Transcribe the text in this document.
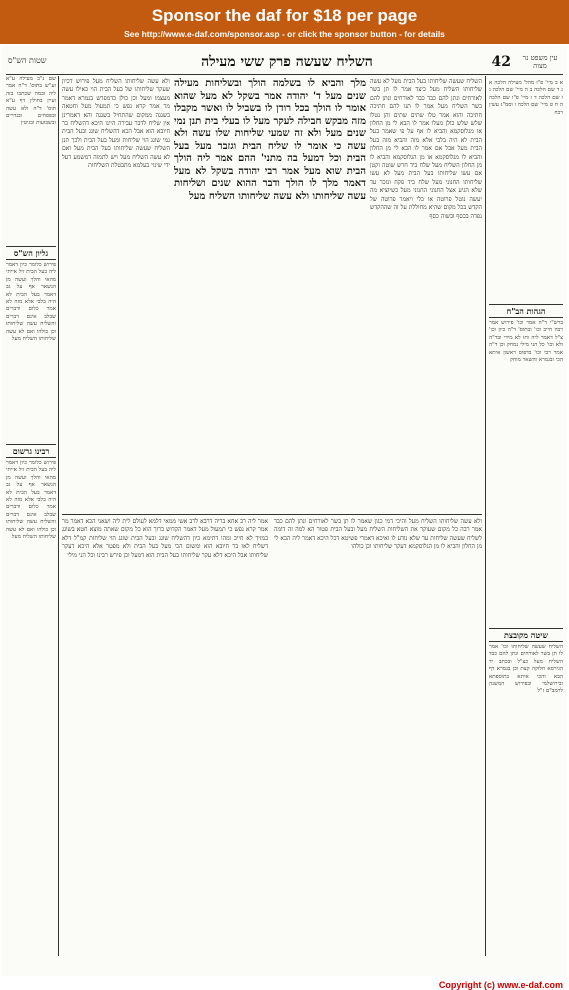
Sponsor the daf for $18 per page
See http://www.e-daf.com/sponsor.asp - or click the sponsor button - for details
שטות הש"ס	השליח שעשה פרק ששי מעילה	42	עין משפט נר מצוה
גליון הש"ס
שם נ"ב מעילה ע"א וע"ש בתוס' ד"ה אמר ליה ובמה שכתבו בזה ועיין בחולין דף ע"א תוס' ד"ה ולא עשה ובפסחים ובנדרים ובשבועות ובגיטין
פירוש כלומר כיון דאמר ליה בעל הבית זיל אייתי מהאי והלך ועשה מן הנשאר אף על גב דאמר בעל הבית לא היה בלבי אלא מזה לא אמר כלום ודברים שבלב אינם דברים והשליח עשה שליחותו וכן כולהו ואם לא עשה שליחותו השליח מעל
רבינו גרשום
פירוש כלומר כיון דאמר ליה בעל הבית זיל אייתי מהאי והלך ועשה מן הנשאר אף על גב דאמר בעל הבית לא היה בלבי אלא מזה לא אמר כלום ודברים שבלב אינם דברים והשליח עשה שליחותו וכן כולהו ואם לא עשה שליחותו השליח מעל
ולא עשה שליחותו השליח מעל פירוש דכיון שעקר שליחותו של בעל הבית הוי כאילו עשה מעצמו ומעל וכן כולן כדמפרש בגמרא דאמר מר אמר קרא נפש כי תמעול מעל וחטאה בשגגה ממקום שהתחיל בשגגה והא דאמרינן אין שליח לדבר עבירה היינו היכא דהשליח בר חיובא הוא אבל הכא דהשליח שוגג ובעל הבית נמי שוגג הוי שליחות ומעל בעל הבית ולכך תנן השליח שעשה שליחותו בעל הבית מעל ואם לא עשה השליח מעל ויש לתמוה דמשמע דעל ידי שינוי בעלמא מתבטלת השליחות
מלך והביא לו בשלמה הולך ובשליחות מעילה שנים מעל ד' יהודה אמר בשקל לא מעל שהוא אומר לו הולך בכל רודן לו בשביל לו ואשר מקבלו מזה מבקש חבילה לעקר מעל לו בעלי בית תנן נמי שנים מעל ולא זה שמעי שליחות שלו עשה ולא עשה כי אומר לו שליח הבית וגזבר מעל בעל הבית וכל דמעל בה מתני' ההם אמר ליה הולך הבית שוא מעל אמר רבי יהודה בשקל לא מעל דאמר מלך לו הולך ודבר ההוא שנים ושליחות עשה שליחותו ולא עשה שליחותו השליח מעל
השליח שעשה שליחותו בעל הבית מעל לא עשה שליחותו השליח מעל כיצד אמר לו תן בשר לאורחים ונתן להם כבד כבד לאורחים ונתן להם בשר השליח מעל אמר לו תנו להם חתיכה חתיכה והוא אמר טלו שתים שתים והן נטלו שלש שלש כולן מעלו אמר לו הבא לי מן החלון או מגלוסקמא והביא לו אף על פי שאמר בעל הבית לא היה בלבי אלא מזה והביא מזה בעל הבית מעל אבל אם אמר לו הבא לי מן החלון והביא לו מגלוסקמא או מן הגלוסקמא והביא לו מן החלון השליח מעל שלח ביד חרש שוטה וקטן אם עשו שליחותו בעל הבית מעל לא עשו שליחותו החנוני מעל שלח ביד פקח ונזכר עד שלא הגיע אצל החנוני החנוני מעל כשיוציא מה יעשה נוטל פרוטה או כלי ויאמר פרוטה של הקדש בכל מקום שהיא מחוללת על זה שההקדש נפדה בכסף ובשוה כסף
א ב מיי' פ"ז מהל' מעילה הלכה א ג ד שם הלכה ב ה מיי' שם הלכה ג ו שם הלכה ד ז מיי' פ"ו שם הלכה ה ח ט מיי' שם הלכה ו וסמ"ג עשין רכח
הגהות הב"ח
ברש"י ד"ה אמר וכו' פירוש אמר רבה חייב וכו' ובתוס' ד"ה כיון וכו' צ"ל דאמר ליה ותו לא מידי ובד"ה ולא וכו' כל הני מילי נמחק וכן ד"ה אמר רבי וכו' בדפוס ראשון איתא הכי ובגמרא והשאר מוחק
שיטה מקובצת
השליח שעשה שליחותו וכו' אמר לו תן בשר לאורחים ונתן להם כבד השליח מעל כצ"ל ובכתב יד הגירסא חלוקה קצת וכן בגמרא דף הבא והכי איתא בתוספתא ובירושלמי ובפירוש המשנה לרמב"ם ז"ל
אמר ליה רב אחא בריה דרבא לרב אשי ממאי דלמא לעולם לית ליה ושאני הכא דאמר מר אמר קרא נפש כי תמעול מעל דאמר הקדוש ברוך הוא כל מקום שאתה מוצא חטא בשוגג במזיד לא חייב ומהו דתימא כיון דהשליח שוגג ובעל הבית שוגג הוי שליחות קמ"ל דלא דשליח לאו בר חיובא הוא ומשום הכי מעל בעל הבית ולא מפטר אלא היכא דעקר שליחותו אבל היכא דלא עקר שליחותו בעל הבית הוא דמעל וכן פירש רבינו וכל הני מילי
ולא עשה שליחותו השליח מעל והיכי דמי כגון שאמר לו תן בשר לאורחים ונתן להם כבד אמר רבה כל מקום שעוקר את השליחות השליח מעל ובעל הבית פטור הא למה זה דומה לשליח שעשה שליחות עד שלא נודע לו ואיכא דאמרי פשיטא דכל היכא דאמר ליה הבא לי מן החלון והביא לו מן הגלוסקמא דעקר שליחותו וכן כולהו
Copyright (c) www.e-daf.com
